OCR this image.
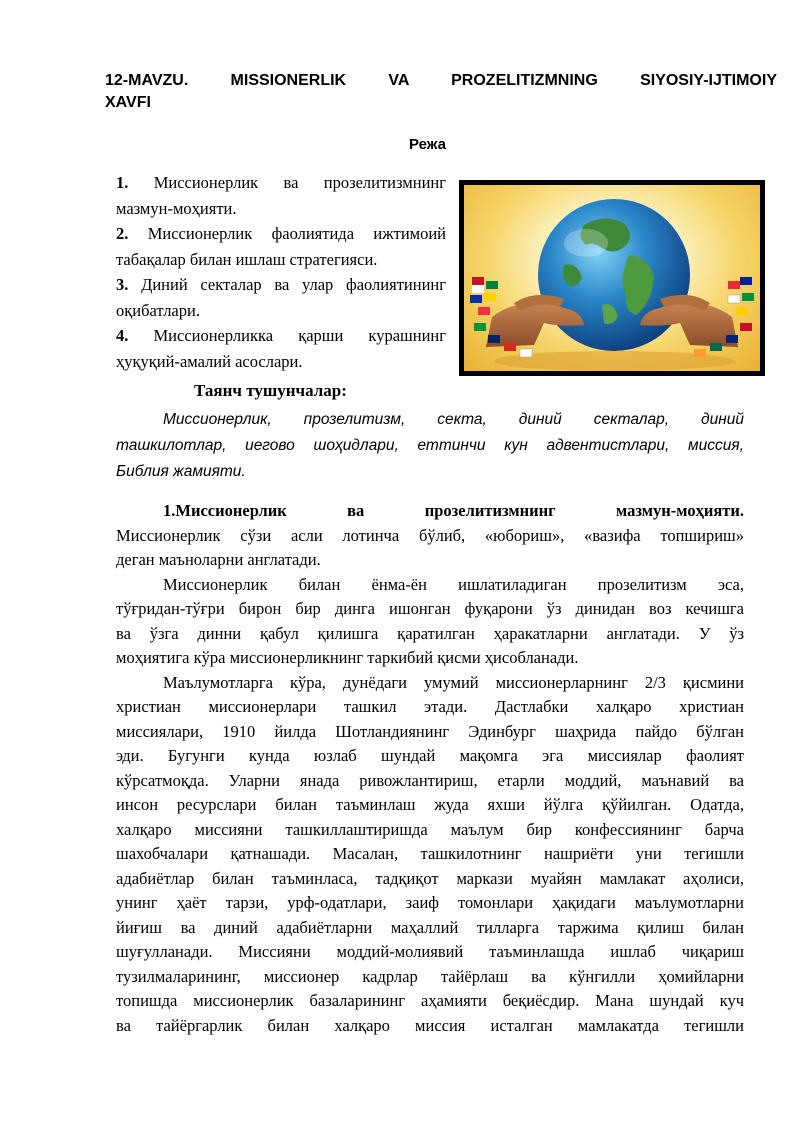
12-MAVZU. MISSIONERLIK VA PROZELITIZMNING SIYOSIY-IJTIMOIY
XAVFI
Режа
1. Миссионерлик ва прозелитизмнинг
мазмун-моҳияти.
2. Миссионерлик фаолиятида ижтимоий
табақалар билан ишлаш стратегияси.
3. Диний секталар ва улар фаолиятининг
оқибатлари.
4. Миссионерликка қарши курашнинг
ҳуқуқий-амалий асослари.
Таянч тушунчалар:
Миссионерлик, прозелитизм, секта, диний секталар, диний
ташкилотлар, иегово шоҳидлари, еттинчи кун адвентистлари, миссия,
Библия жамияти.
1.Миссионерлик ва прозелитизмнинг мазмун-моҳияти.
Миссионерлик сўзи асли лотинча бўлиб, «юбориш», «вазифа топшириш»
деган маъноларни англатади.
Миссионерлик билан ёнма-ён ишлатиладиган прозелитизм эса,
тўғридан-тўғри бирон бир динга ишонган фуқарони ўз динидан воз кечишга
ва ўзга динни қабул қилишга қаратилган ҳаракатларни англатади. У ўз
моҳиятига кўра миссионерликнинг таркибий қисми ҳисобланади.
Маълумотларга кўра, дунёдаги умумий миссионерларнинг 2/3 қисмини
христиан миссионерлари ташкил этади. Дастлабки халқаро христиан
миссиялари, 1910 йилда Шотландиянинг Эдинбург шаҳрида пайдо бўлган
эди. Бугунги кунда юзлаб шундай мақомга эга миссиялар фаолият
кўрсатмоқда. Уларни янада ривожлантириш, етарли моддий, маънавий ва
инсон ресурслари билан таъминлаш жуда яхши йўлга қўйилган. Одатда,
халқаро миссияни ташкиллаштиришда маълум бир конфессиянинг барча
шахобчалари қатнашади. Масалан, ташкилотнинг нашриёти уни тегишли
адабиётлар билан таъминласа, тадқиқот маркази муайян мамлакат аҳолиси,
унинг ҳаёт тарзи, урф-одатлари, заиф томонлари ҳақидаги маълумотларни
йиғиш ва диний адабиётларни маҳаллий тилларга таржима қилиш билан
шуғулланади. Миссияни моддий-молиявий таъминлашда ишлаб чиқариш
тузилмаларининг, миссионер кадрлар тайёрлаш ва кўнгилли ҳомийларни
топишда миссионерлик базаларининг аҳамияти беқиёсдир. Мана шундай куч
ва тайёргарлик билан халқаро миссия исталган мамлакатда тегишли
